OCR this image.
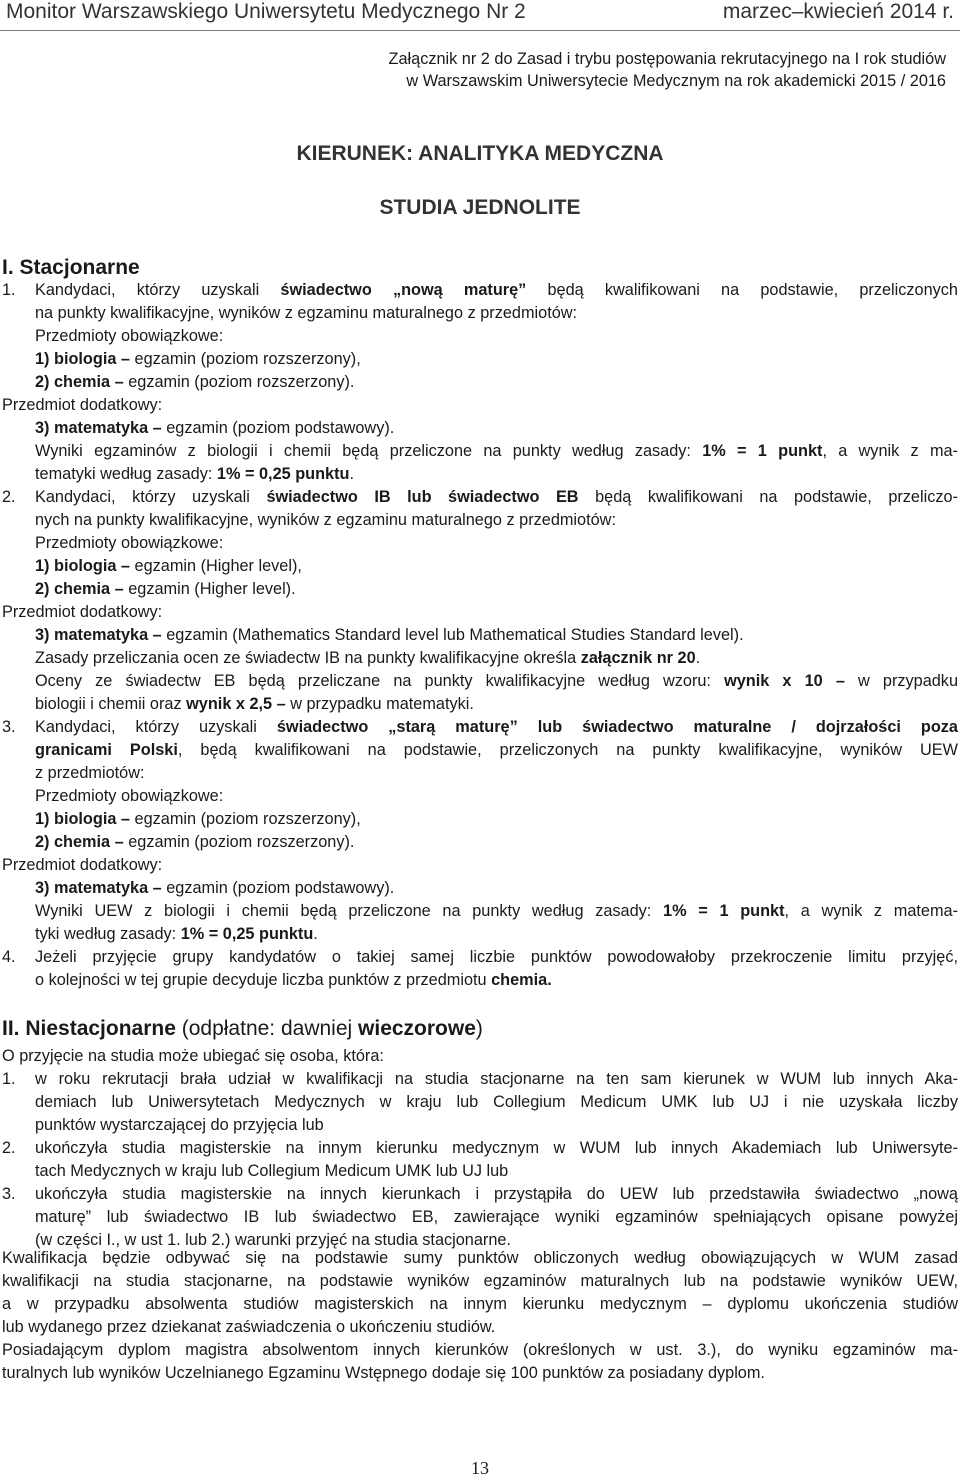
Monitor Warszawskiego Uniwersytetu Medycznego Nr 2	marzec–kwiecień 2014 r.
Załącznik nr 2 do Zasad i trybu postępowania rekrutacyjnego na I rok studiów
w Warszawskim Uniwersytecie Medycznym na rok akademicki 2015 / 2016
KIERUNEK: ANALITYKA MEDYCZNA
STUDIA JEDNOLITE
I. Stacjonarne
1. Kandydaci, którzy uzyskali świadectwo „nową maturę” będą kwalifikowani na podstawie, przeliczonych
na punkty kwalifikacyjne, wyników z egzaminu maturalnego z przedmiotów:
Przedmioty obowiązkowe:
1) biologia – egzamin (poziom rozszerzony),
2) chemia – egzamin (poziom rozszerzony).
Przedmiot dodatkowy:
3) matematyka – egzamin (poziom podstawowy).
Wyniki egzaminów z biologii i chemii będą przeliczone na punkty według zasady: 1% = 1 punkt, a wynik z ma-
tematyki według zasady: 1% = 0,25 punktu.
2. Kandydaci, którzy uzyskali świadectwo IB lub świadectwo EB będą kwalifikowani na podstawie, przeliczo-
nych na punkty kwalifikacyjne, wyników z egzaminu maturalnego z przedmiotów:
Przedmioty obowiązkowe:
1) biologia – egzamin (Higher level),
2) chemia – egzamin (Higher level).
Przedmiot dodatkowy:
3) matematyka – egzamin (Mathematics Standard level lub Mathematical Studies Standard level).
Zasady przeliczania ocen ze świadectw IB na punkty kwalifikacyjne określa załącznik nr 20.
Oceny ze świadectw EB będą przeliczane na punkty kwalifikacyjne według wzoru: wynik x 10 – w przypadku
biologii i chemii oraz wynik x 2,5 – w przypadku matematyki.
3. Kandydaci, którzy uzyskali świadectwo „starą maturę” lub świadectwo maturalne / dojrzałości poza
granicami Polski, będą kwalifikowani na podstawie, przeliczonych na punkty kwalifikacyjne, wyników UEW
z przedmiotów:
Przedmioty obowiązkowe:
1) biologia – egzamin (poziom rozszerzony),
2) chemia – egzamin (poziom rozszerzony).
Przedmiot dodatkowy:
3) matematyka – egzamin (poziom podstawowy).
Wyniki UEW z biologii i chemii będą przeliczone na punkty według zasady: 1% = 1 punkt, a wynik z matema-
tyki według zasady: 1% = 0,25 punktu.
4. Jeżeli przyjęcie grupy kandydatów o takiej samej liczbie punktów powodowałoby przekroczenie limitu przyjęć,
o kolejności w tej grupie decyduje liczba punktów z przedmiotu chemia.
II. Niestacjonarne (odpłatne: dawniej wieczorowe)
O przyjęcie na studia może ubiegać się osoba, która:
1. w roku rekrutacji brała udział w kwalifikacji na studia stacjonarne na ten sam kierunek w WUM lub innych Aka-
demiach lub Uniwersytetach Medycznych w kraju lub Collegium Medicum UMK lub UJ i nie uzyskała liczby
punktów wystarczającej do przyjęcia lub
2. ukończyła studia magisterskie na innym kierunku medycznym w WUM lub innych Akademiach lub Uniwersyte-
tach Medycznych w kraju lub Collegium Medicum UMK lub UJ lub
3. ukończyła studia magisterskie na innych kierunkach i przystąpiła do UEW lub przedstawiła świadectwo „nową
maturę” lub świadectwo IB lub świadectwo EB, zawierające wyniki egzaminów spełniających opisane powyżej
(w części I., w ust 1. lub 2.) warunki przyjęć na studia stacjonarne.
Kwalifikacja będzie odbywać się na podstawie sumy punktów obliczonych według obowiązujących w WUM zasad
kwalifikacji na studia stacjonarne, na podstawie wyników egzaminów maturalnych lub na podstawie wyników UEW,
a w przypadku absolwenta studiów magisterskich na innym kierunku medycznym – dyplomu ukończenia studiów
lub wydanego przez dziekanat zaświadczenia o ukończeniu studiów.
Posiadającym dyplom magistra absolwentom innych kierunków (określonych w ust. 3.), do wyniku egzaminów ma-
turalnych lub wyników Uczelnianego Egzaminu Wstępnego dodaje się 100 punktów za posiadany dyplom.
13
